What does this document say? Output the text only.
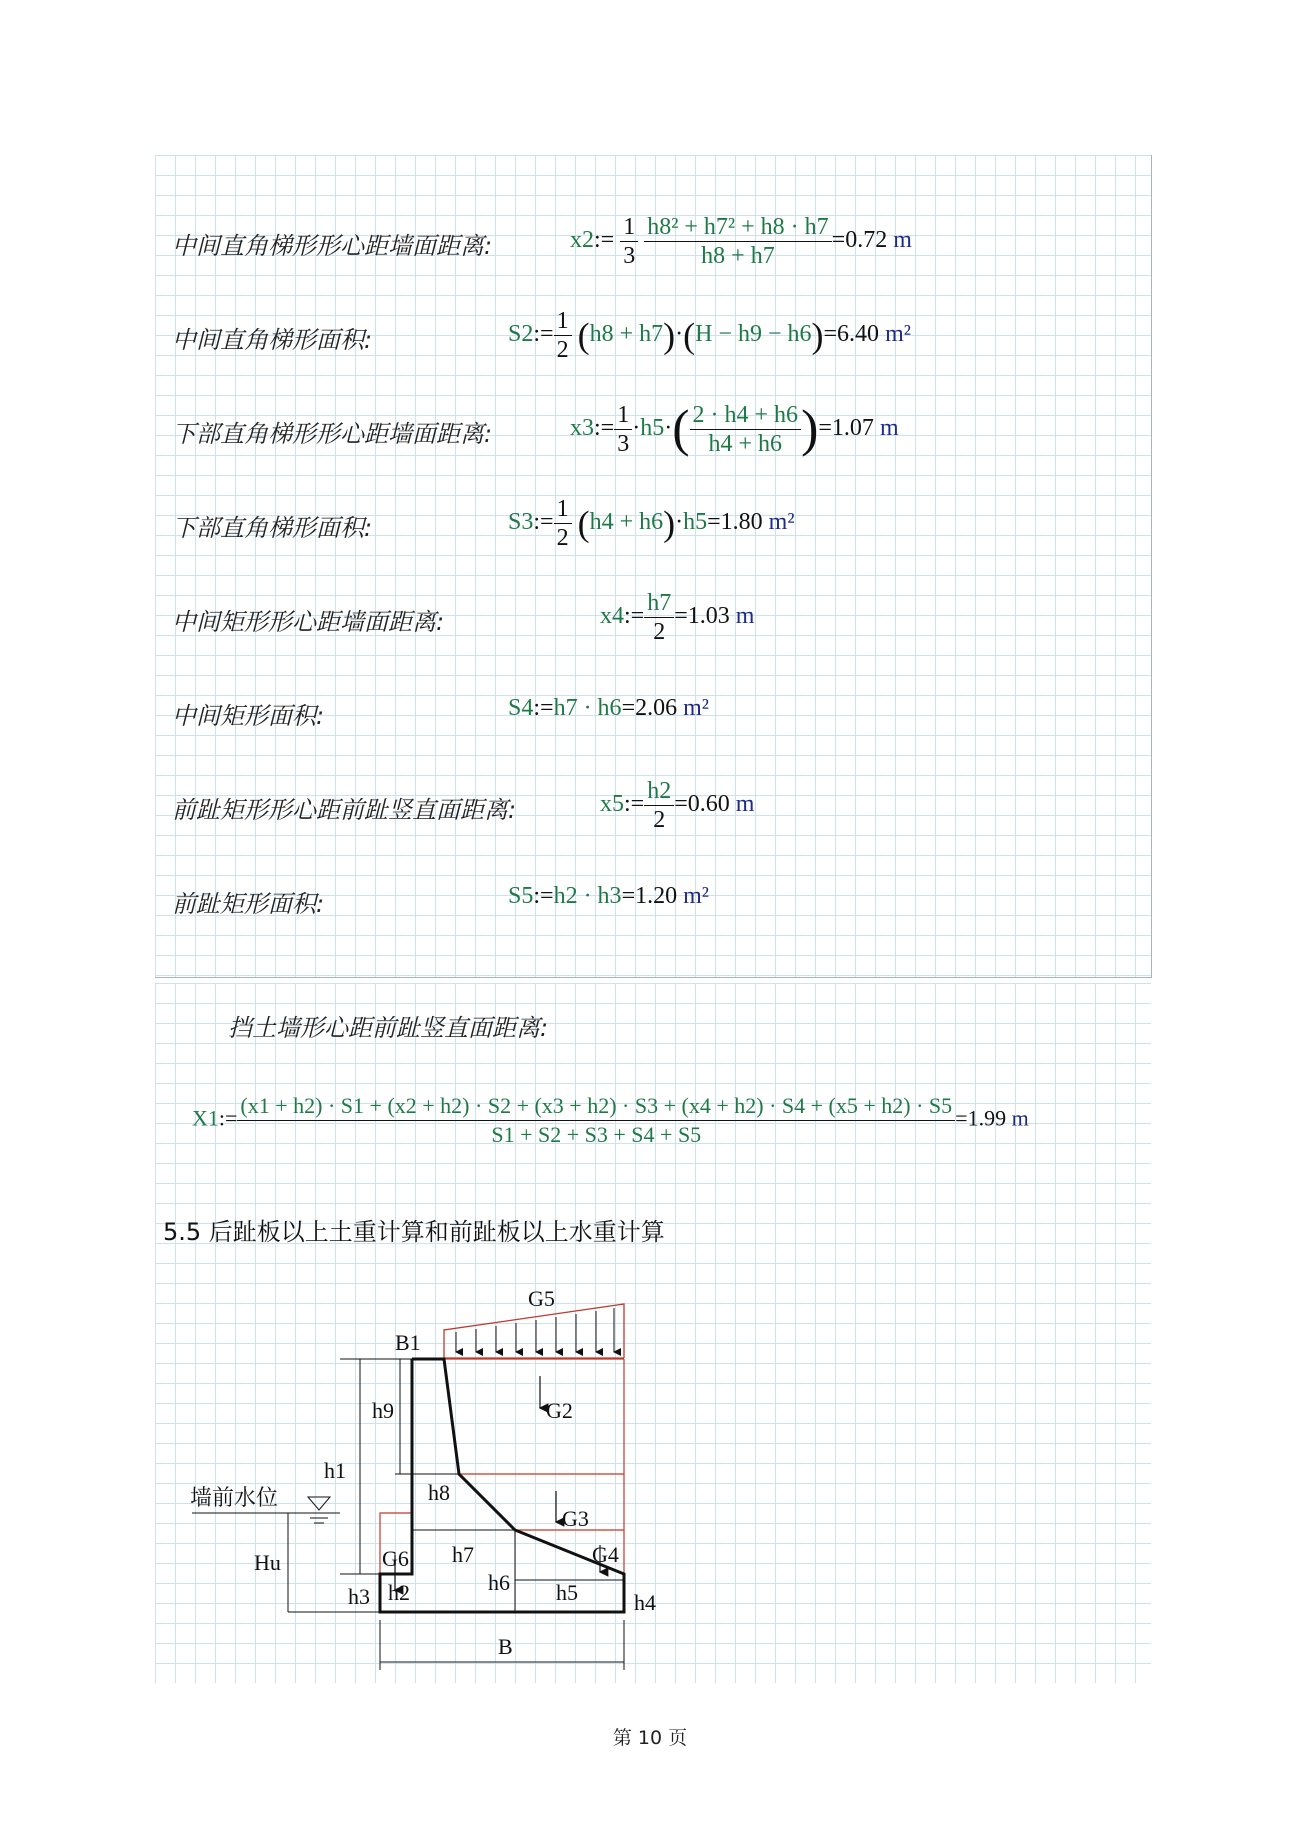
中间直角梯形形心距墙面距离:	x2:= $\frac{1}{3}$
$\frac{\text{h8² + h7² + h8 · h7}}{h8 + h7} =0.72$ m
中间直角梯形面积:	S2:= $\frac{1}{2} (h8 + h7)\cdot(H - h9 - h6)=6.40$ m²
下部直角梯形形心距墙面距离:	x3:= $\frac{1}{3} \cdot h5\cdot( \frac{2 \cdot h4 + h6}{h4 + h6} )=1.07$ m
下部直角梯形面积:	S3:= $\frac{1}{2} (h4 + h6)\cdot h5=1.80$ m²
中间矩形形心距墙面距离:	x4:= $\frac{h7}{2} =1.03$ m
中间矩形面积:	S4:=h7 · h6=2.06 m²
前趾矩形形心距前趾竖直面距离:	x5:= $\frac{h2}{2} =0.60$ m
前趾矩形面积:	S5:=h2 · h3=1.20 m²
挡土墙形心距前趾竖直面距离:
X1:=
(x1 + h2) · S1 + (x2 + h2) · S2 + (x3 + h2) · S3 + (x4 + h2) · S4 + (x5 + h2) · S5
S1 + S2 + S3 + S4 + S5
=1.99 m
5.5 后趾板以上土重计算和前趾板以上水重计算
G5
B1
G2
h9
h1
墙前水位	h8
G3
h7	G4
G6
h6
Hu
h3 h2	h5	h4
B
第 10 页
